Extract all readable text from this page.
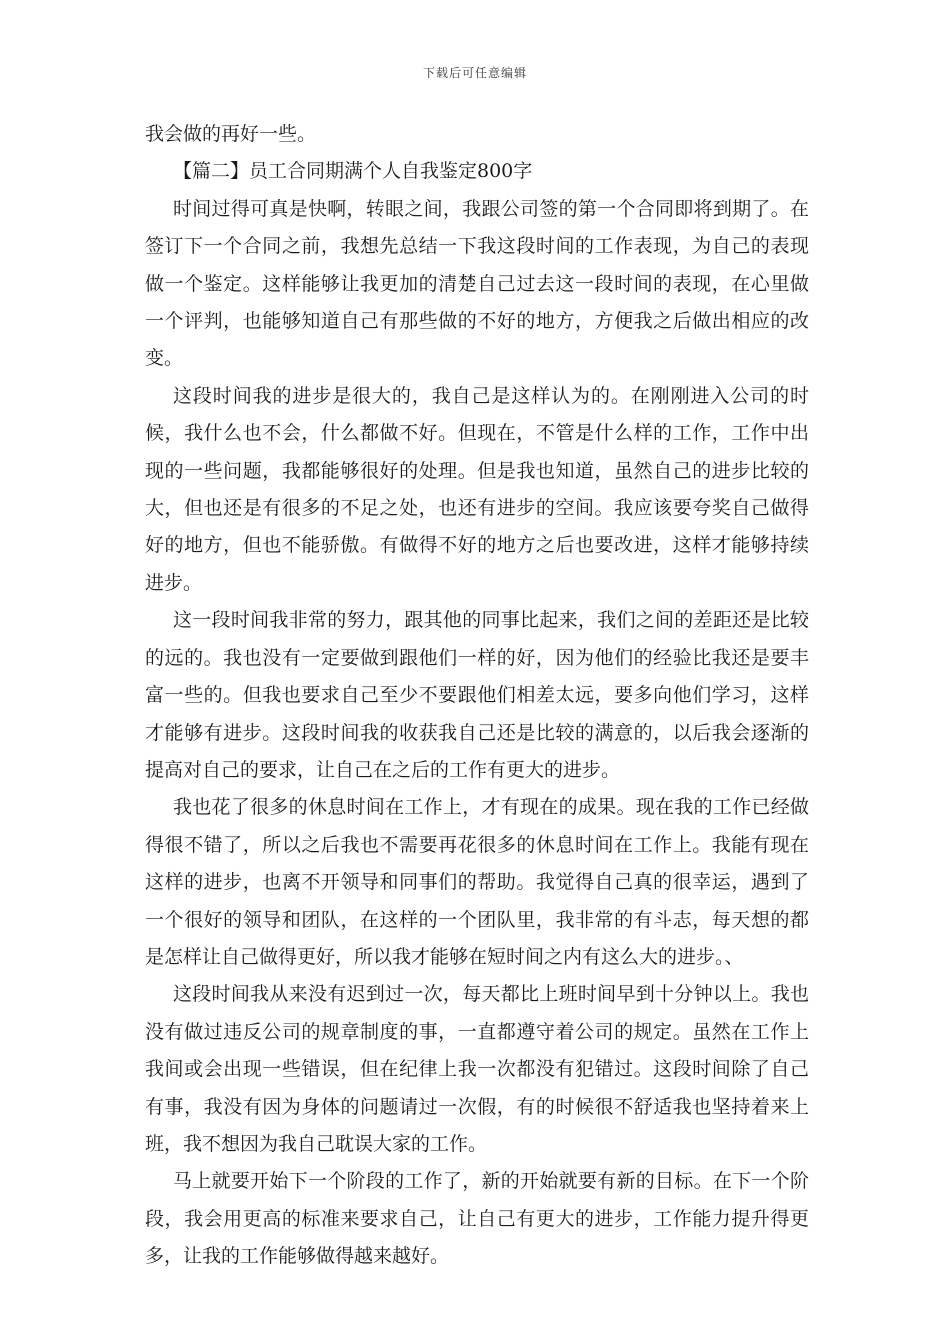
下载后可任意编辑

我会做的再好一些。

【篇二】员工合同期满个人自我鉴定800字

时间过得可真是快啊，转眼之间，我跟公司签的第一个合同即将到期了。在签订下一个合同之前，我想先总结一下我这段时间的工作表现，为自己的表现做一个鉴定。这样能够让我更加的清楚自己过去这一段时间的表现，在心里做一个评判，也能够知道自己有那些做的不好的地方，方便我之后做出相应的改变。

这段时间我的进步是很大的，我自己是这样认为的。在刚刚进入公司的时候，我什么也不会，什么都做不好。但现在，不管是什么样的工作，工作中出现的一些问题，我都能够很好的处理。但是我也知道，虽然自己的进步比较的大，但也还是有很多的不足之处，也还有进步的空间。我应该要夸奖自己做得好的地方，但也不能骄傲。有做得不好的地方之后也要改进，这样才能够持续进步。

这一段时间我非常的努力，跟其他的同事比起来，我们之间的差距还是比较的远的。我也没有一定要做到跟他们一样的好，因为他们的经验比我还是要丰富一些的。但我也要求自己至少不要跟他们相差太远，要多向他们学习，这样才能够有进步。这段时间我的收获我自己还是比较的满意的，以后我会逐渐的提高对自己的要求，让自己在之后的工作有更大的进步。

我也花了很多的休息时间在工作上，才有现在的成果。现在我的工作已经做得很不错了，所以之后我也不需要再花很多的休息时间在工作上。我能有现在这样的进步，也离不开领导和同事们的帮助。我觉得自己真的很幸运，遇到了一个很好的领导和团队，在这样的一个团队里，我非常的有斗志，每天想的都是怎样让自己做得更好，所以我才能够在短时间之内有这么大的进步。、

这段时间我从来没有迟到过一次，每天都比上班时间早到十分钟以上。我也没有做过违反公司的规章制度的事，一直都遵守着公司的规定。虽然在工作上我间或会出现一些错误，但在纪律上我一次都没有犯错过。这段时间除了自己有事，我没有因为身体的问题请过一次假，有的时候很不舒适我也坚持着来上班，我不想因为我自己耽误大家的工作。

马上就要开始下一个阶段的工作了，新的开始就要有新的目标。在下一个阶段，我会用更高的标准来要求自己，让自己有更大的进步，工作能力提升得更多，让我的工作能够做得越来越好。
